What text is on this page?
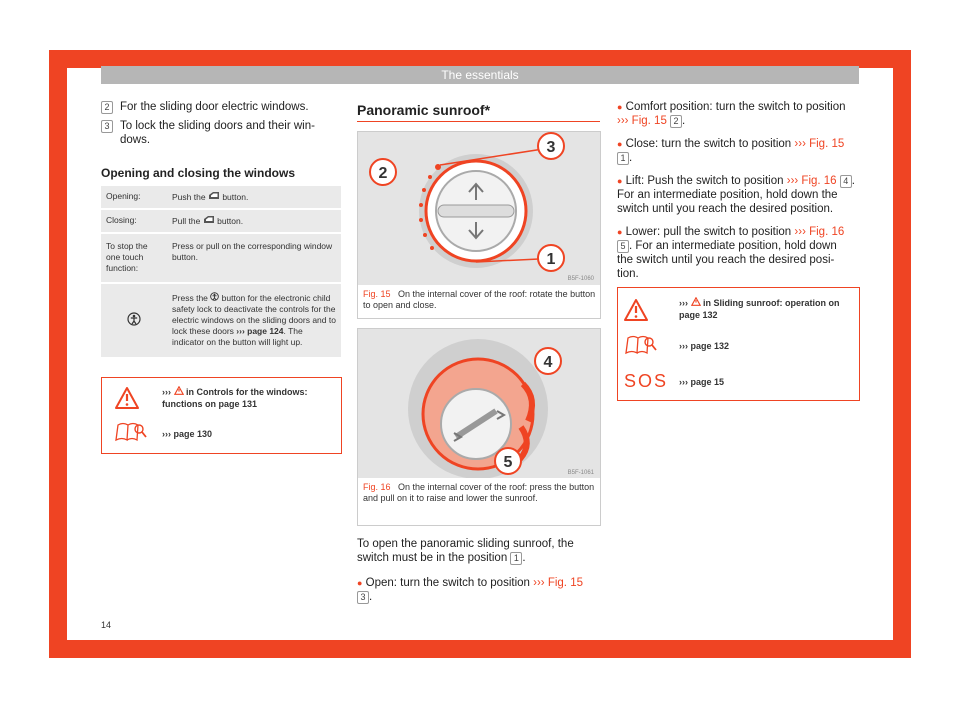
The essentials
2 For the sliding door electric windows.
3 To lock the sliding doors and their win-
dows.
Opening and closing the windows
Opening:	Push the button.
Closing:	Pull the button.
To stop the one touch function:	Press or pull on the corresponding window button.
	Press the button for the electronic child safety lock to deactivate the controls for the electric windows on the sliding doors and to lock these doors ››› page 124. The indicator on the button will light up.
››› in Controls for the windows: functions on page 131
››› page 130
Panoramic sunroof*
2
3
1
B5F-1060
Fig. 15 On the internal cover of the roof: rotate the button to open and close.
4
5
B5F-1061
Fig. 16 On the internal cover of the roof: press the button and pull on it to raise and lower the sunroof.
To open the panoramic sliding sunroof, the
switch must be in the position 1 .
● Open: turn the switch to position ››› Fig. 15
3 .
● Comfort position: turn the switch to position
››› Fig. 15 2 .
● Close: turn the switch to position ››› Fig. 15
1 .
● Lift: Push the switch to position ››› Fig. 16 4 .
For an intermediate position, hold down the
switch until you reach the desired position.
● Lower: pull the switch to position ››› Fig. 16
5 . For an intermediate position, hold down
the switch until you reach the desired posi-
tion.
››› in Sliding sunroof: operation on page 132
››› page 132
SOS ››› page 15
14
